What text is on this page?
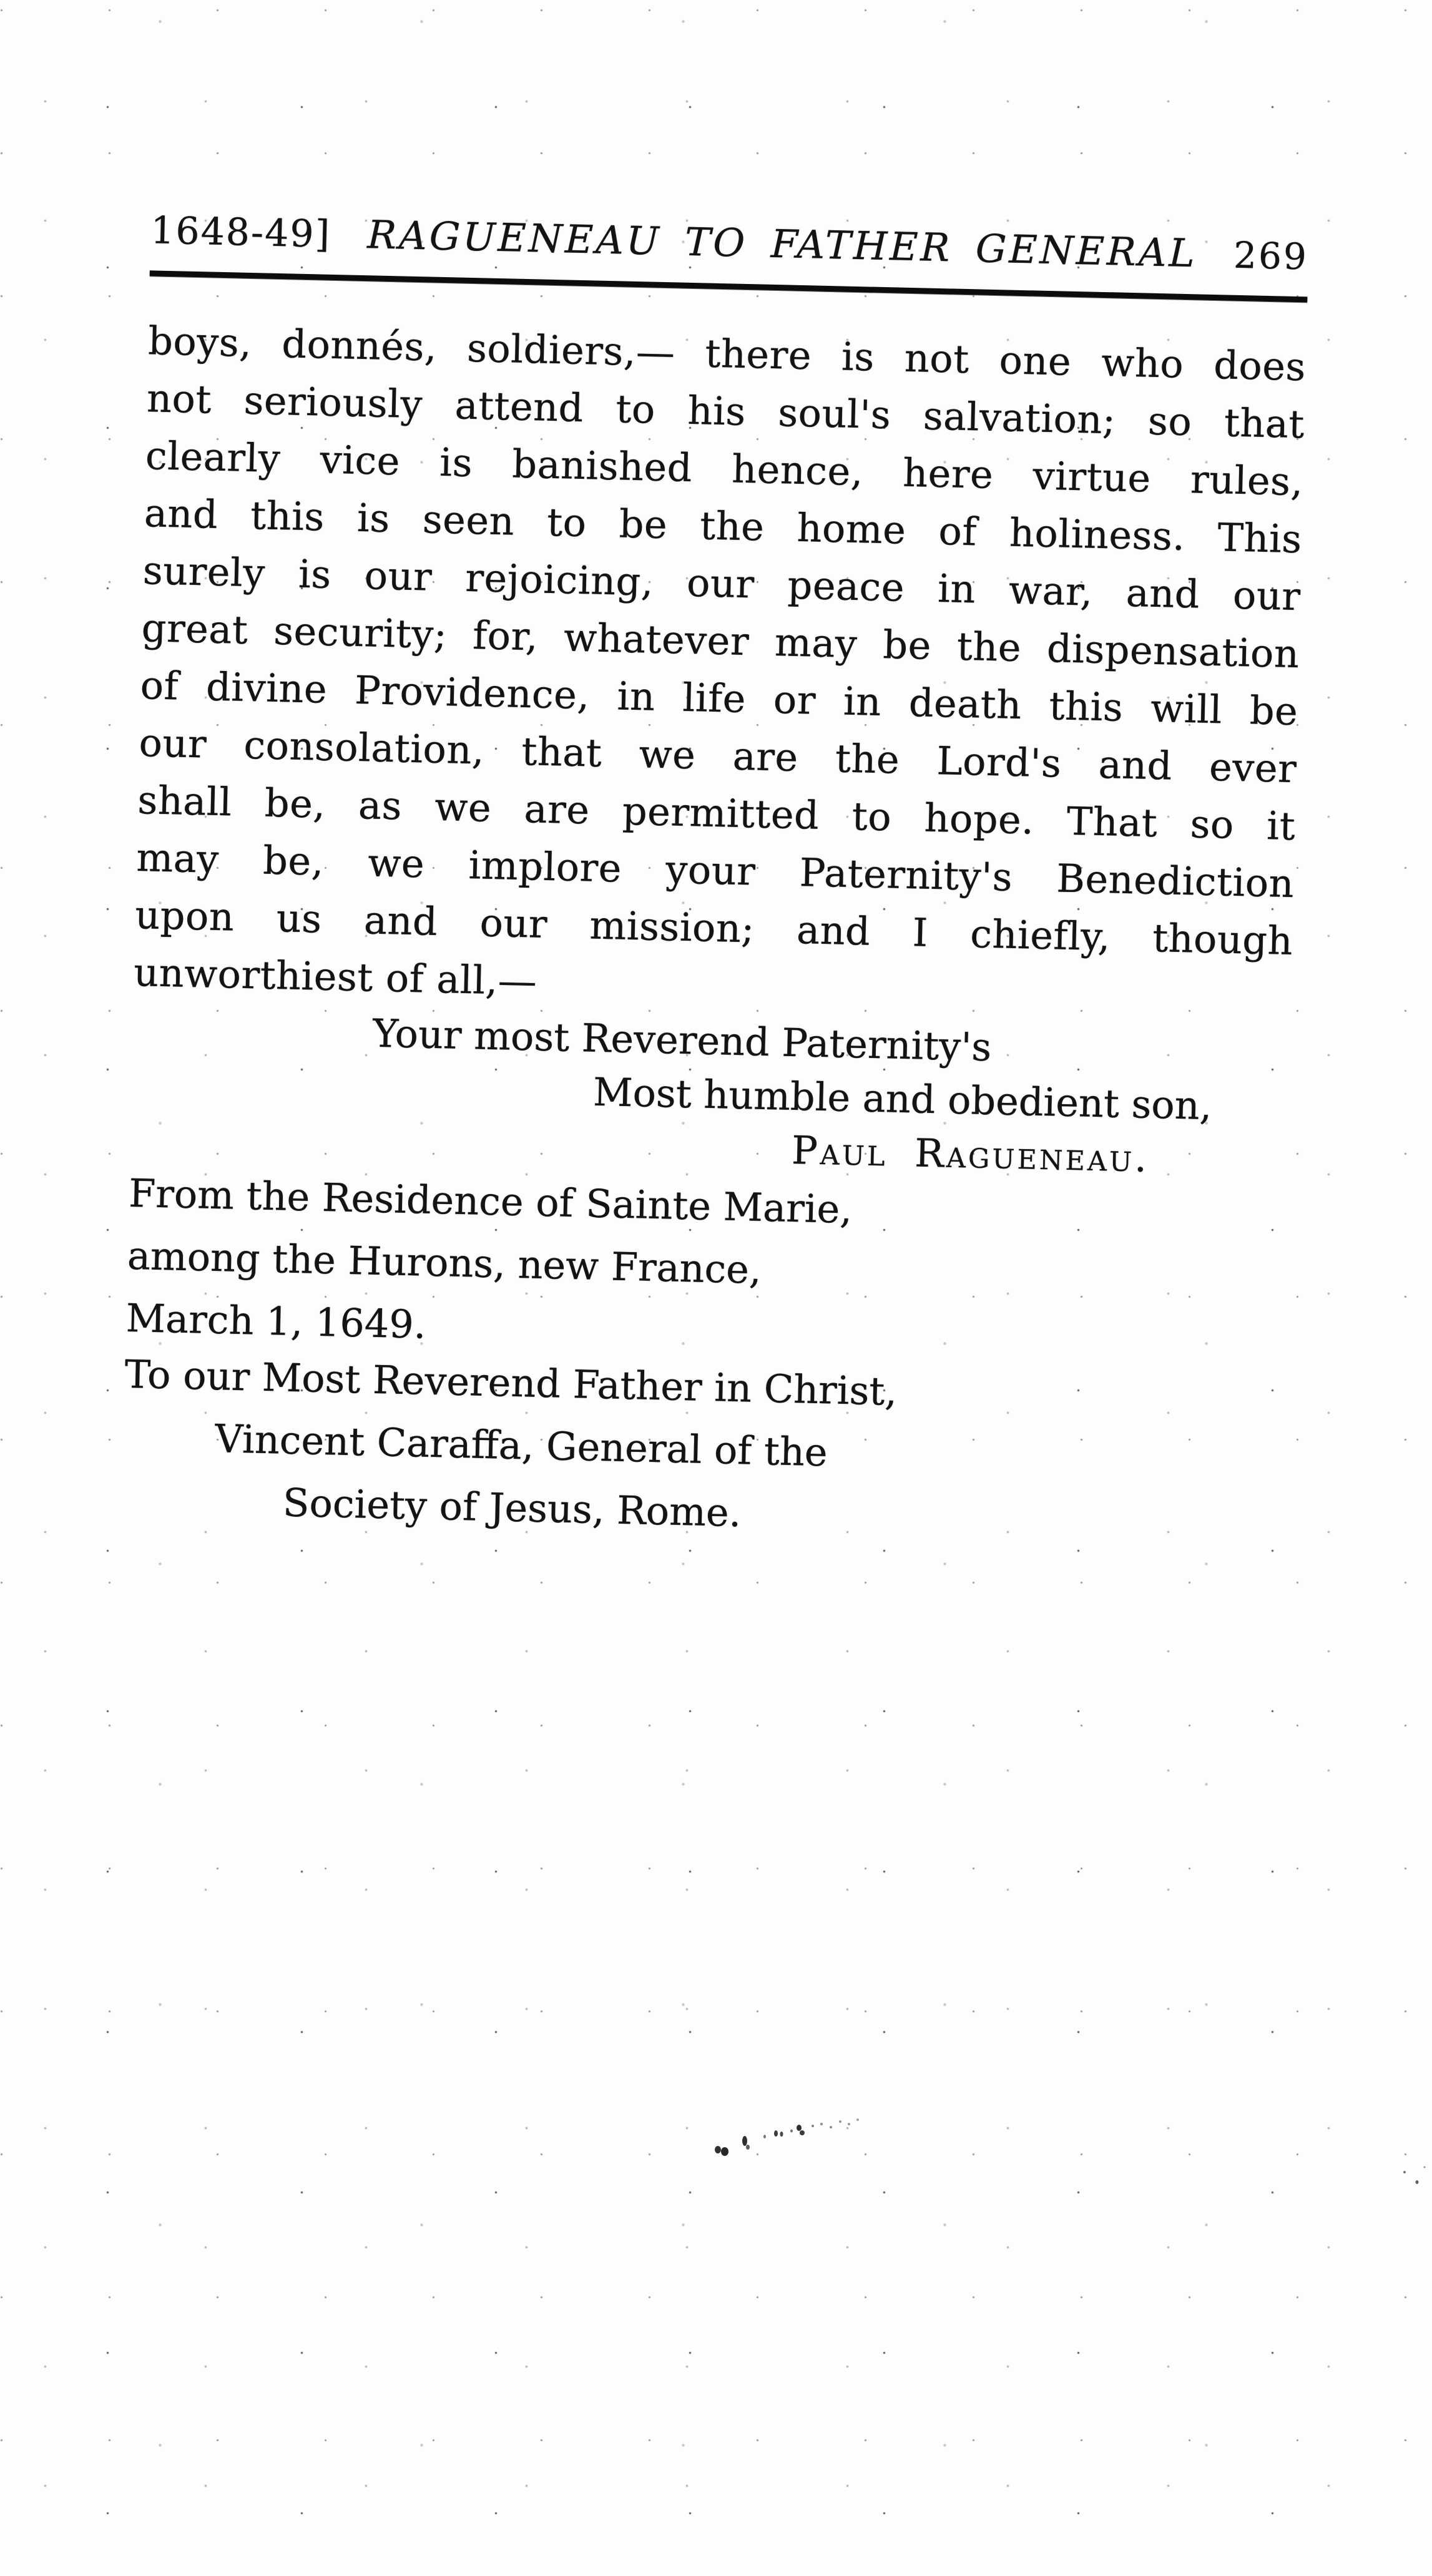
1648-49] RAGUENEAU TO FATHER GENERAL 269
boys, donnés, soldiers,— there is not one who does
not seriously attend to his soul's salvation; so that
clearly vice is banished hence, here virtue rules,
and this is seen to be the home of holiness. This
surely is our rejoicing, our peace in war, and our
great security; for, whatever may be the dispensation
of divine Providence, in life or in death this will be
our consolation, that we are the Lord's and ever
shall be, as we are permitted to hope. That so it
may be, we implore your Paternity's Benediction
upon us and our mission; and I chiefly, though
unworthiest of all,—
Your most Reverend Paternity's
Most humble and obedient son,
Paul Ragueneau.
From the Residence of Sainte Marie,
among the Hurons, new France,
March 1, 1649.
To our Most Reverend Father in Christ,
Vincent Caraffa, General of the
Society of Jesus, Rome.
